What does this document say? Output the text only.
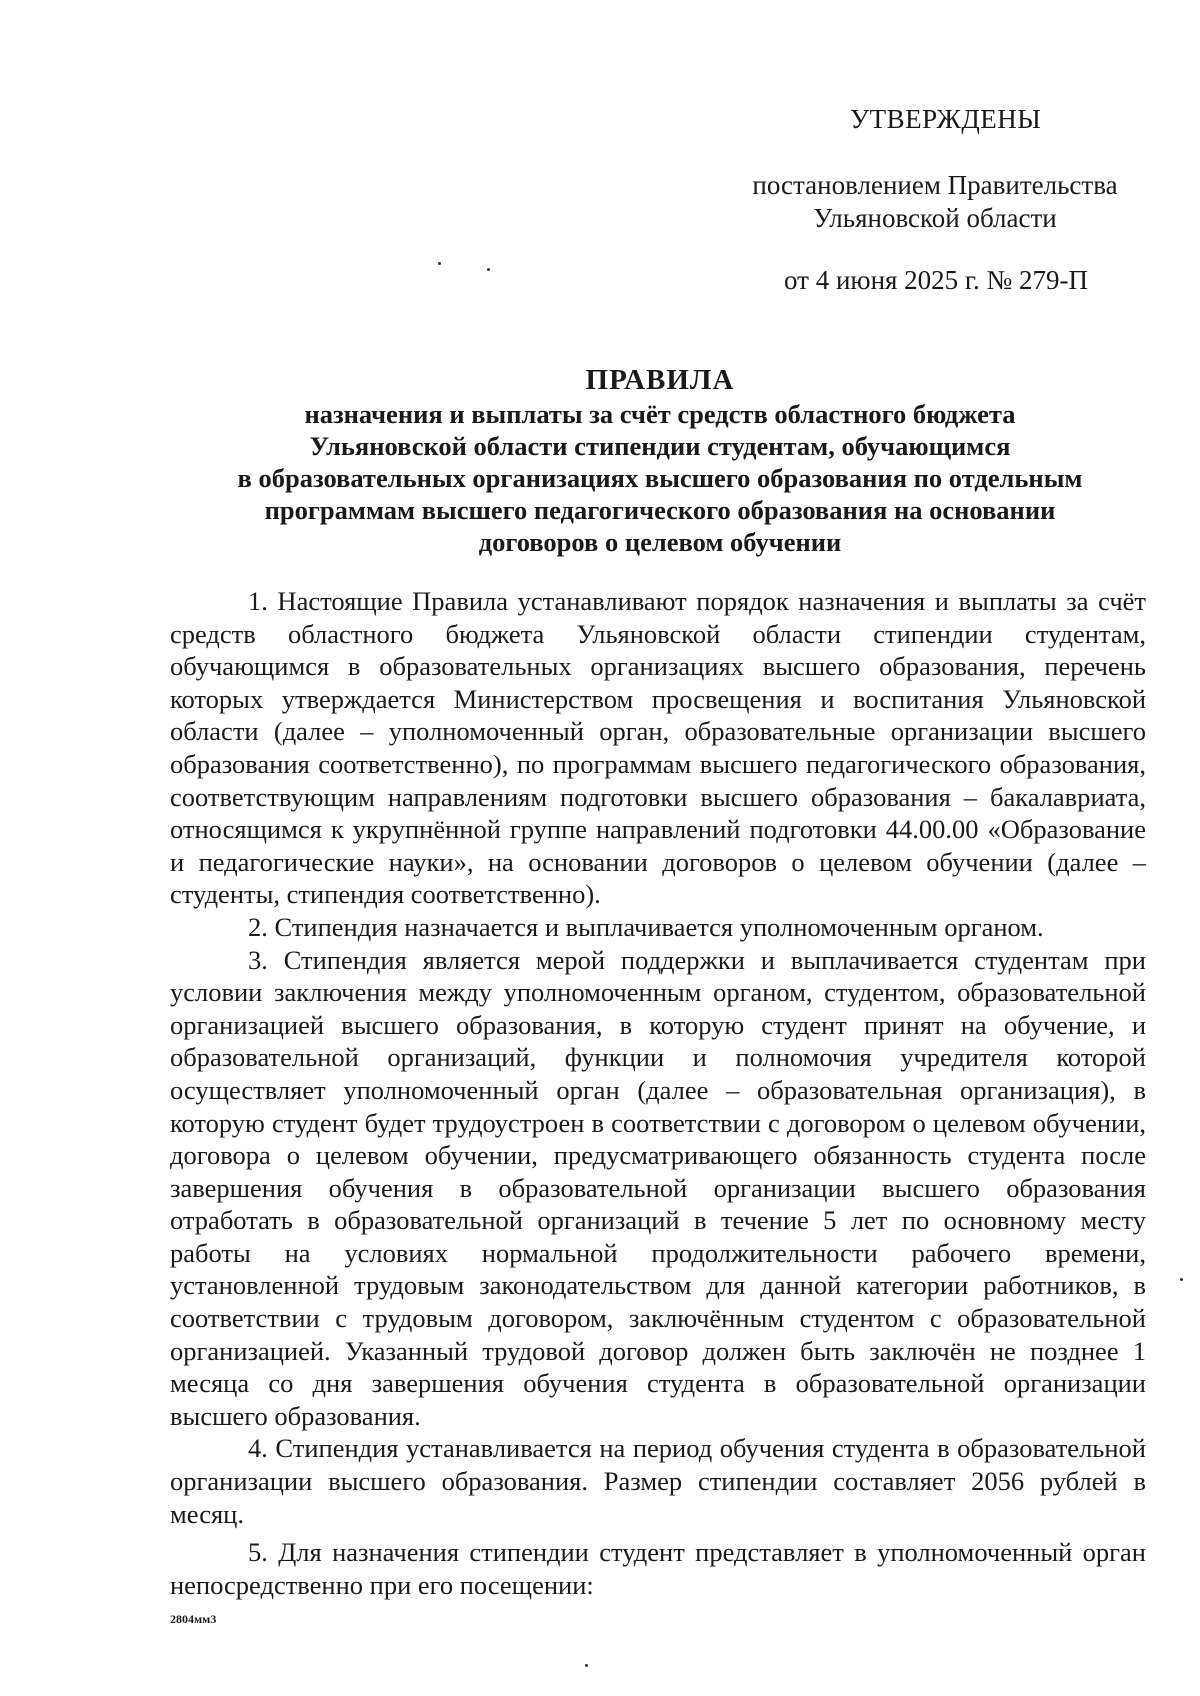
УТВЕРЖДЕНЫ
постановлением Правительства
Ульяновской области
от 4 июня 2025 г. № 279-П
ПРАВИЛА
назначения и выплаты за счёт средств областного бюджета
Ульяновской области стипендии студентам, обучающимся
в образовательных организациях высшего образования по отдельным
программам высшего педагогического образования на основании
договоров о целевом обучении

1. Настоящие Правила устанавливают порядок назначения и выплаты за счёт средств областного бюджета Ульяновской области стипендии студентам, обучающимся в образовательных организациях высшего образования, перечень которых утверждается Министерством просвещения и воспитания Ульяновской области (далее – уполномоченный орган, образовательные организации высшего образования соответственно), по программам высшего педагогического образования, соответствующим направлениям подготовки высшего образования – бакалавриата, относящимся к укрупнённой группе направлений подготовки 44.00.00 «Образование и педагогические науки», на основании договоров о целевом обучении (далее – студенты, стипендия соответственно).

2. Стипендия назначается и выплачивается уполномоченным органом.

3. Стипендия является мерой поддержки и выплачивается студентам при условии заключения между уполномоченным органом, студентом, образовательной организацией высшего образования, в которую студент принят на обучение, и образовательной организаций, функции и полномочия учредителя которой осуществляет уполномоченный орган (далее – образовательная организация), в которую студент будет трудоустроен в соответствии с договором о целевом обучении, договора о целевом обучении, предусматривающего обязанность студента после завершения обучения в образовательной организации высшего образования отработать в образовательной организаций в течение 5 лет по основному месту работы на условиях нормальной продолжительности рабочего времени, установленной трудовым законодательством для данной категории работников, в соответствии с трудовым договором, заключённым студентом с образовательной организацией. Указанный трудовой договор должен быть заключён не позднее 1 месяца со дня завершения обучения студента в образовательной организации высшего образования.

4. Стипендия устанавливается на период обучения студента в образовательной организации высшего образования. Размер стипендии составляет 2056 рублей в месяц.

5. Для назначения стипендии студент представляет в уполномоченный орган непосредственно при его посещении:

2804мм3
